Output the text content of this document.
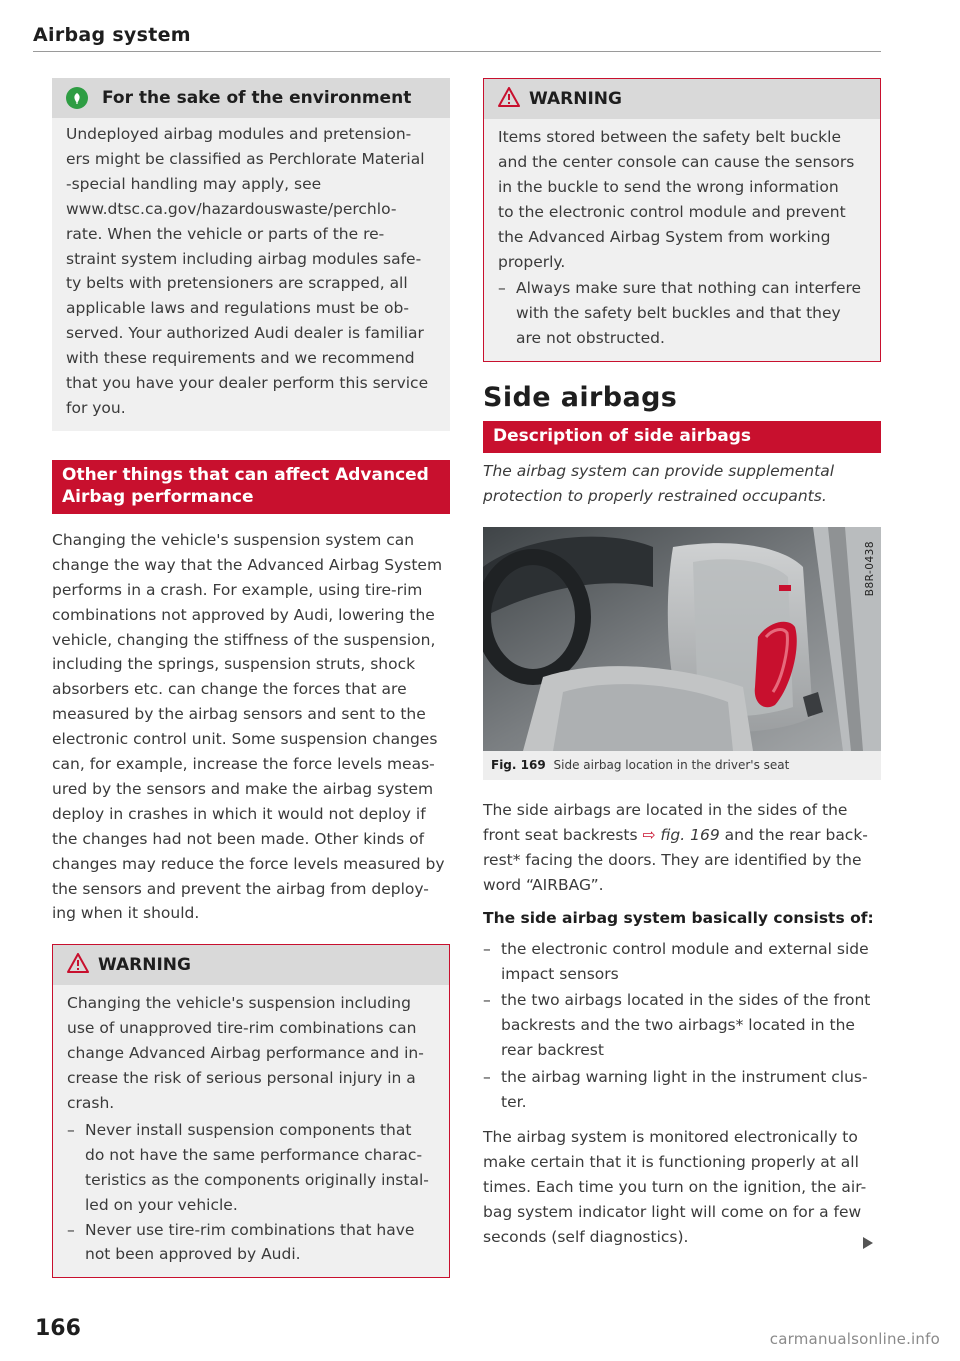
Airbag system
For the sake of the environment
Undeployed airbag modules and pretension-
ers might be classified as Perchlorate Material
-special handling may apply, see
www.dtsc.ca.gov/hazardouswaste/perchlo-
rate. When the vehicle or parts of the re-
straint system including airbag modules safe-
ty belts with pretensioners are scrapped, all
applicable laws and regulations must be ob-
served. Your authorized Audi dealer is familiar
with these requirements and we recommend
that you have your dealer perform this service
for you.
Other things that can affect Advanced
Airbag performance
Changing the vehicle's suspension system can
change the way that the Advanced Airbag System
performs in a crash. For example, using tire-rim
combinations not approved by Audi, lowering the
vehicle, changing the stiffness of the suspension,
including the springs, suspension struts, shock
absorbers etc. can change the forces that are
measured by the airbag sensors and sent to the
electronic control unit. Some suspension changes
can, for example, increase the force levels meas-
ured by the sensors and make the airbag system
deploy in crashes in which it would not deploy if
the changes had not been made. Other kinds of
changes may reduce the force levels measured by
the sensors and prevent the airbag from deploy-
ing when it should.
WARNING
Changing the vehicle's suspension including
use of unapproved tire-rim combinations can
change Advanced Airbag performance and in-
crease the risk of serious personal injury in a
crash.
– Never install suspension components that
do not have the same performance charac-
teristics as the components originally instal-
led on your vehicle.
– Never use tire-rim combinations that have
not been approved by Audi.
WARNING
Items stored between the safety belt buckle
and the center console can cause the sensors
in the buckle to send the wrong information
to the electronic control module and prevent
the Advanced Airbag System from working
properly.
– Always make sure that nothing can interfere
with the safety belt buckles and that they
are not obstructed.
Side airbags
Description of side airbags
The airbag system can provide supplemental
protection to properly restrained occupants.
B8R-0438
Fig. 169 Side airbag location in the driver's seat
The side airbags are located in the sides of the
front seat backrests ⇨ fig. 169 and the rear back-
rest* facing the doors. They are identified by the
word “AIRBAG”.
The side airbag system basically consists of:
– the electronic control module and external side
impact sensors
– the two airbags located in the sides of the front
backrests and the two airbags* located in the
rear backrest
– the airbag warning light in the instrument clus-
ter.
The airbag system is monitored electronically to
make certain that it is functioning properly at all
times. Each time you turn on the ignition, the air-
bag system indicator light will come on for a few
seconds (self diagnostics).
166	carmanualsonline.info
